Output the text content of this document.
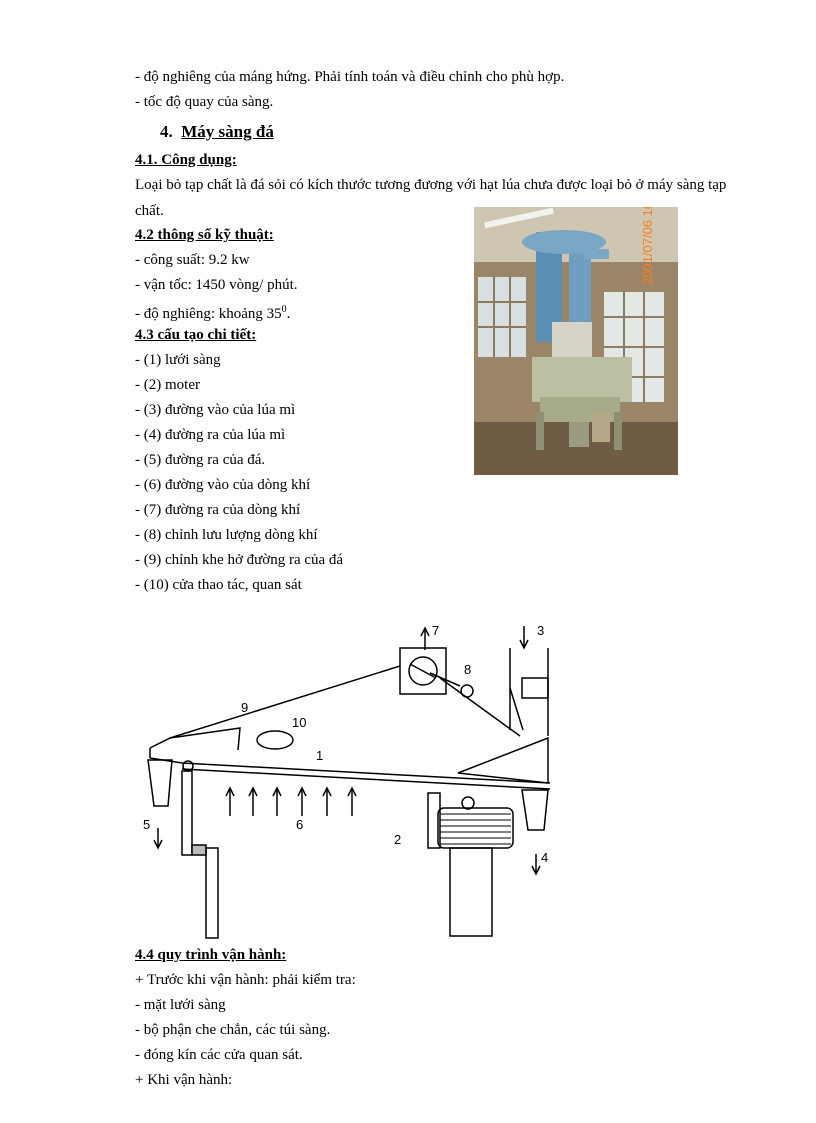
- độ nghiêng của máng hứng. Phải tính toán và điều chỉnh cho phù hợp.
- tốc độ quay của sàng.
4. Máy sàng đá
4.1. Công dụng:
Loại bỏ tạp chất là đá sỏi có kích thước tương đương với hạt lúa chưa được loại bỏ ở máy sàng tạp chất.
4.2 thông số kỹ thuật:
- công suất: 9.2 kw
- vận tốc: 1450 vòng/ phút.
- độ nghiêng: khoảng $35^0$.
4.3 cấu tạo chi tiết:
- (1) lưới sàng
- (2) moter
- (3) đường vào của lúa mì
- (4) đường ra của lúa mì
- (5) đường ra của đá.
- (6) đường vào của dòng khí
- (7) đường ra của dòng khí
- (8) chỉnh lưu lượng dòng khí
- (9) chỉnh khe hở đường ra của đá
- (10) cửa thao tác, quan sát
2001/07/06 10:48
1
2
3
4
5	6
7
8
9
10
4.4 quy trình vận hành:
+ Trước khi vận hành: phải kiểm tra:
- mặt lưới sàng
- bộ phận che chắn, các túi sàng.
- đóng kín các cửa quan sát.
+ Khi vận hành:
